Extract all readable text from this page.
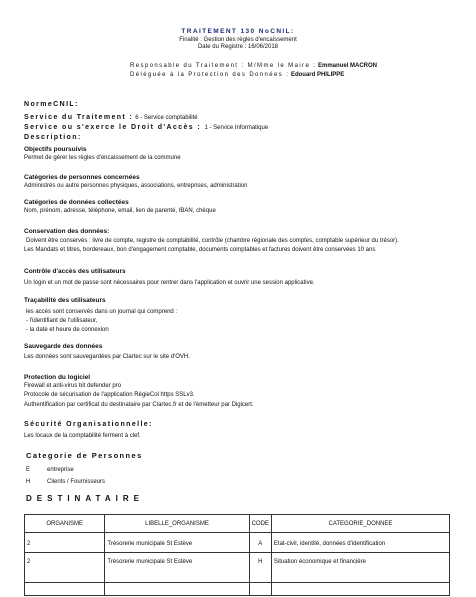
TRAITEMENT 130 NoCNIL:
Finalité : Gestion des règles d'encaissement
Date du Registre : 16/06/2018
Responsable du Traitement : M/Mme le Maire : Emmanuel MACRON
Déléguée à la Protection des Données : Edouard PHILIPPE
NormeCNIL:
Service du Traitement : 6 - Service comptabilité
Service ou s'exerce le Droit d'Accès : 1 - Service Informatique
Description:
Objectifs poursuivis
Permet de gérer les règles d'encaissement de la commune
Catégories de personnes concernées
Administrés ou autre personnes physiques, associations, entreprises, administration
Catégories de données collectées
Nom, prénom, adresse, téléphone, email, lien de parenté, IBAN, chèque
Conservation des données:
Doivent être conservés : livre de compte, registre de comptabilité, contrôle (chambre régionale des comptes, comptable supérieur du trésor).
Les Mandats et titres, bordereaux, bon d'engagement comptable, documents comptables et factures doivent être conservées 10 ans
Contrôle d'accès des utilisateurs
Un login et un mot de passe sont nécessaires pour rentrer dans l'application et ouvrir une session applicative.
Traçabilité des utilisateurs
les accès sont conservés dans un journal qui comprend :
- l'identifiant de l'utilisateur,
- la date et heure de connexion
Sauvegarde des données
Les données sont sauvegardées par Clartec sur le site d'OVH.
Protection du logiciel
Firewall et anti-virus bit defender pro
Protocole de sécurisation de l'application RégieCol https SSLv3.
Authentification par certificat du destinataire par Clartec.fr et de l'émetteur par Digicert.
Sécurité Organisationnelle:
Les locaux de la comptabilité ferment à clef.
Categorie de Personnes
E	entreprise
H	Clients / Fournisseurs
DESTINATAIRE
ORGANISME	LIBELLE_ORGANISME	CODE	CATEGORIE_DONNEE
2	Trésorerie municipale St Estève	A	Etat-civil, identité, données d'identification
2	Trésorerie municipale St Estève	H	Situation économique et financière
